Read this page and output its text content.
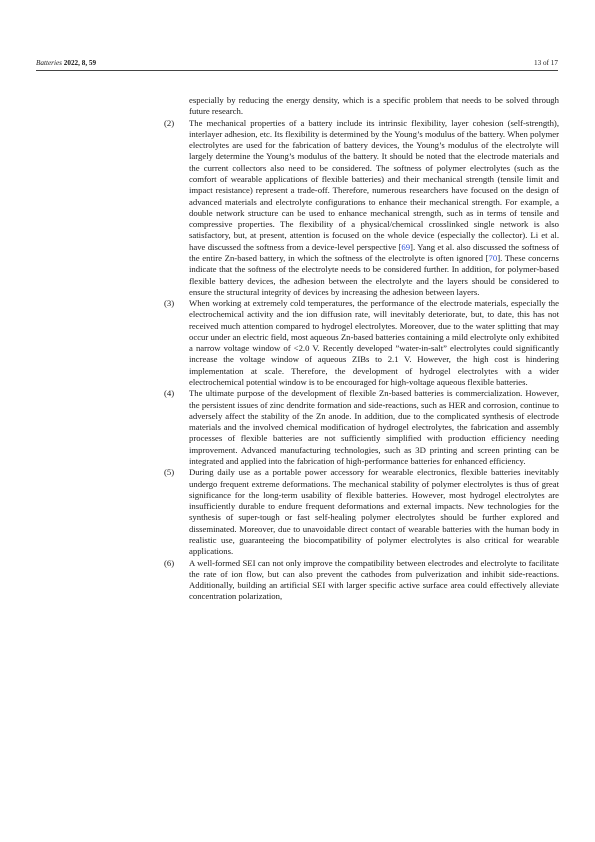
Batteries 2022, 8, 59	13 of 17

especially by reducing the energy density, which is a specific problem that needs to be solved through future research.

(2)	The mechanical properties of a battery include its intrinsic flexibility, layer cohesion (self-strength), interlayer adhesion, etc. Its flexibility is determined by the Young’s modulus of the battery. When polymer electrolytes are used for the fabrication of battery devices, the Young’s modulus of the electrolyte will largely determine the Young’s modulus of the battery. It should be noted that the electrode materials and the current collectors also need to be considered. The softness of polymer electrolytes (such as the comfort of wearable applications of flexible batteries) and their mechanical strength (tensile limit and impact resistance) represent a trade-off. Therefore, numerous researchers have focused on the design of advanced materials and electrolyte configurations to enhance their mechanical strength. For example, a double network structure can be used to enhance mechanical strength, such as in terms of tensile and compressive properties. The flexibility of a physical/chemical crosslinked single network is also satisfactory, but, at present, attention is focused on the whole device (especially the collector). Li et al. have discussed the softness from a device-level perspective [69]. Yang et al. also discussed the softness of the entire Zn-based battery, in which the softness of the electrolyte is often ignored [70]. These concerns indicate that the softness of the electrolyte needs to be considered further. In addition, for polymer-based flexible battery devices, the adhesion between the electrolyte and the layers should be considered to ensure the structural integrity of devices by increasing the adhesion between layers.
(3)	When working at extremely cold temperatures, the performance of the electrode materials, especially the electrochemical activity and the ion diffusion rate, will inevitably deteriorate, but, to date, this has not received much attention compared to hydrogel electrolytes. Moreover, due to the water splitting that may occur under an electric field, most aqueous Zn-based batteries containing a mild electrolyte only exhibited a narrow voltage window of <2.0 V. Recently developed ”water-in-salt” electrolytes could significantly increase the voltage window of aqueous ZIBs to 2.1 V. However, the high cost is hindering implementation at scale. Therefore, the development of hydrogel electrolytes with a wider electrochemical potential window is to be encouraged for high-voltage aqueous flexible batteries.
(4)	The ultimate purpose of the development of flexible Zn-based batteries is commercialization. However, the persistent issues of zinc dendrite formation and side-reactions, such as HER and corrosion, continue to adversely affect the stability of the Zn anode. In addition, due to the complicated synthesis of electrode materials and the involved chemical modification of hydrogel electrolytes, the fabrication and assembly processes of flexible batteries are not sufficiently simplified with production efficiency needing improvement. Advanced manufacturing technologies, such as 3D printing and screen printing can be integrated and applied into the fabrication of high-performance batteries for enhanced efficiency.
(5)	During daily use as a portable power accessory for wearable electronics, flexible batteries inevitably undergo frequent extreme deformations. The mechanical stability of polymer electrolytes is thus of great significance for the long-term usability of flexible batteries. However, most hydrogel electrolytes are insufficiently durable to endure frequent deformations and external impacts. New technologies for the synthesis of super-tough or fast self-healing polymer electrolytes should be further explored and disseminated. Moreover, due to unavoidable direct contact of wearable batteries with the human body in realistic use, guaranteeing the biocompatibility of polymer electrolytes is also critical for wearable applications.
(6)	A well-formed SEI can not only improve the compatibility between electrodes and electrolyte to facilitate the rate of ion flow, but can also prevent the cathodes from pulverization and inhibit side-reactions. Additionally, building an artificial SEI with larger specific active surface area could effectively alleviate concentration polarization,
